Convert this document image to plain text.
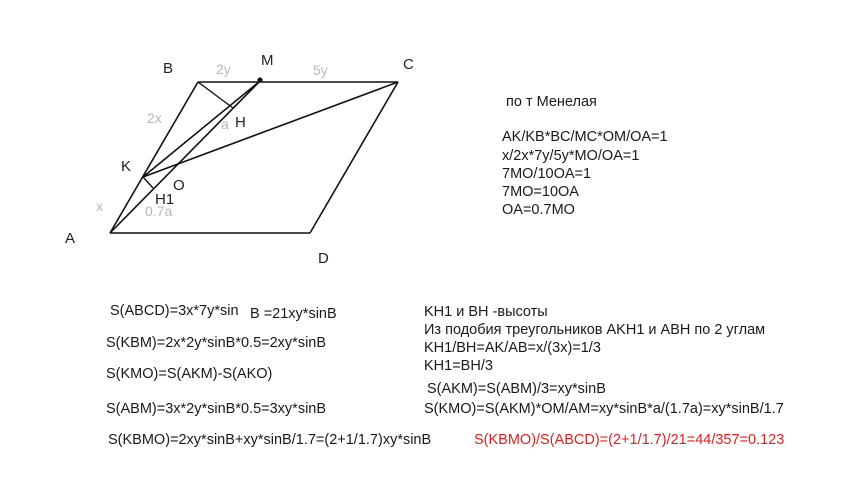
A
B	C
D
M
K
O
H
H1
2y	5y
2x
x
a
0.7a
по т Менелая
AK/KB*BC/MC*OM/OA=1
x/2x*7y/5y*MO/OA=1
7MO/10OA=1
7MO=10OA
OA=0.7MO
S(ABCD)=3x*7y*sin B =21xy*sinB
S(KBM)=2x*2y*sinB*0.5=2xy*sinB
S(KMO)=S(AKM)-S(AKO)
S(ABM)=3x*2y*sinB*0.5=3xy*sinB
S(KBMO)=2xy*sinB+xy*sinB/1.7=(2+1/1.7)xy*sinB
KH1 и BH -высоты
Из подобия треугольников AKH1 и ABH по 2 углам
KH1/BH=AK/AB=x/(3x)=1/3
KH1=BH/3
S(AKM)=S(ABM)/3=xy*sinB
S(KMO)=S(AKM)*OM/AM=xy*sinB*a/(1.7a)=xy*sinB/1.7
S(KBMO)/S(ABCD)=(2+1/1.7)/21=44/357=0.123
